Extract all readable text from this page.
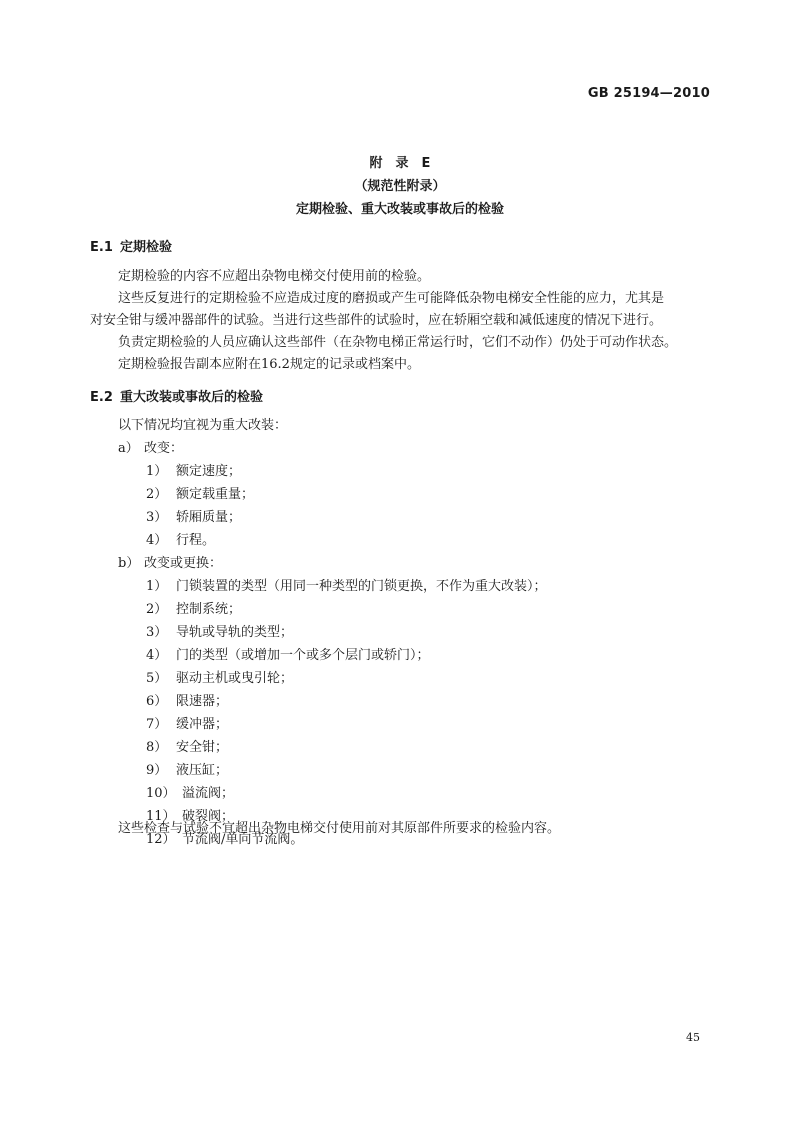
GB 25194—2010
附　录　E
（规范性附录）
定期检验、重大改装或事故后的检验
E.1 定期检验

定期检验的内容不应超出杂物电梯交付使用前的检验。

这些反复进行的定期检验不应造成过度的磨损或产生可能降低杂物电梯安全性能的应力，尤其是

对安全钳与缓冲器部件的试验。当进行这些部件的试验时，应在轿厢空载和减低速度的情况下进行。

负责定期检验的人员应确认这些部件（在杂物电梯正常运行时，它们不动作）仍处于可动作状态。

定期检验报告副本应附在16.2规定的记录或档案中。

E.2 重大改装或事故后的检验
以下情况均宜视为重大改装：
a） 改变：
1） 额定速度；
2） 额定载重量；
3） 轿厢质量；
4） 行程。
b） 改变或更换：
1） 门锁装置的类型（用同一种类型的门锁更换，不作为重大改装）；
2） 控制系统；
3） 导轨或导轨的类型；
4） 门的类型（或增加一个或多个层门或轿门）；
5） 驱动主机或曳引轮；
6） 限速器；
7） 缓冲器；
8） 安全钳；
9） 液压缸；
10） 溢流阀；
11） 破裂阀；
12） 节流阀/单向节流阀。
这些检查与试验不宜超出杂物电梯交付使用前对其原部件所要求的检验内容。
45
